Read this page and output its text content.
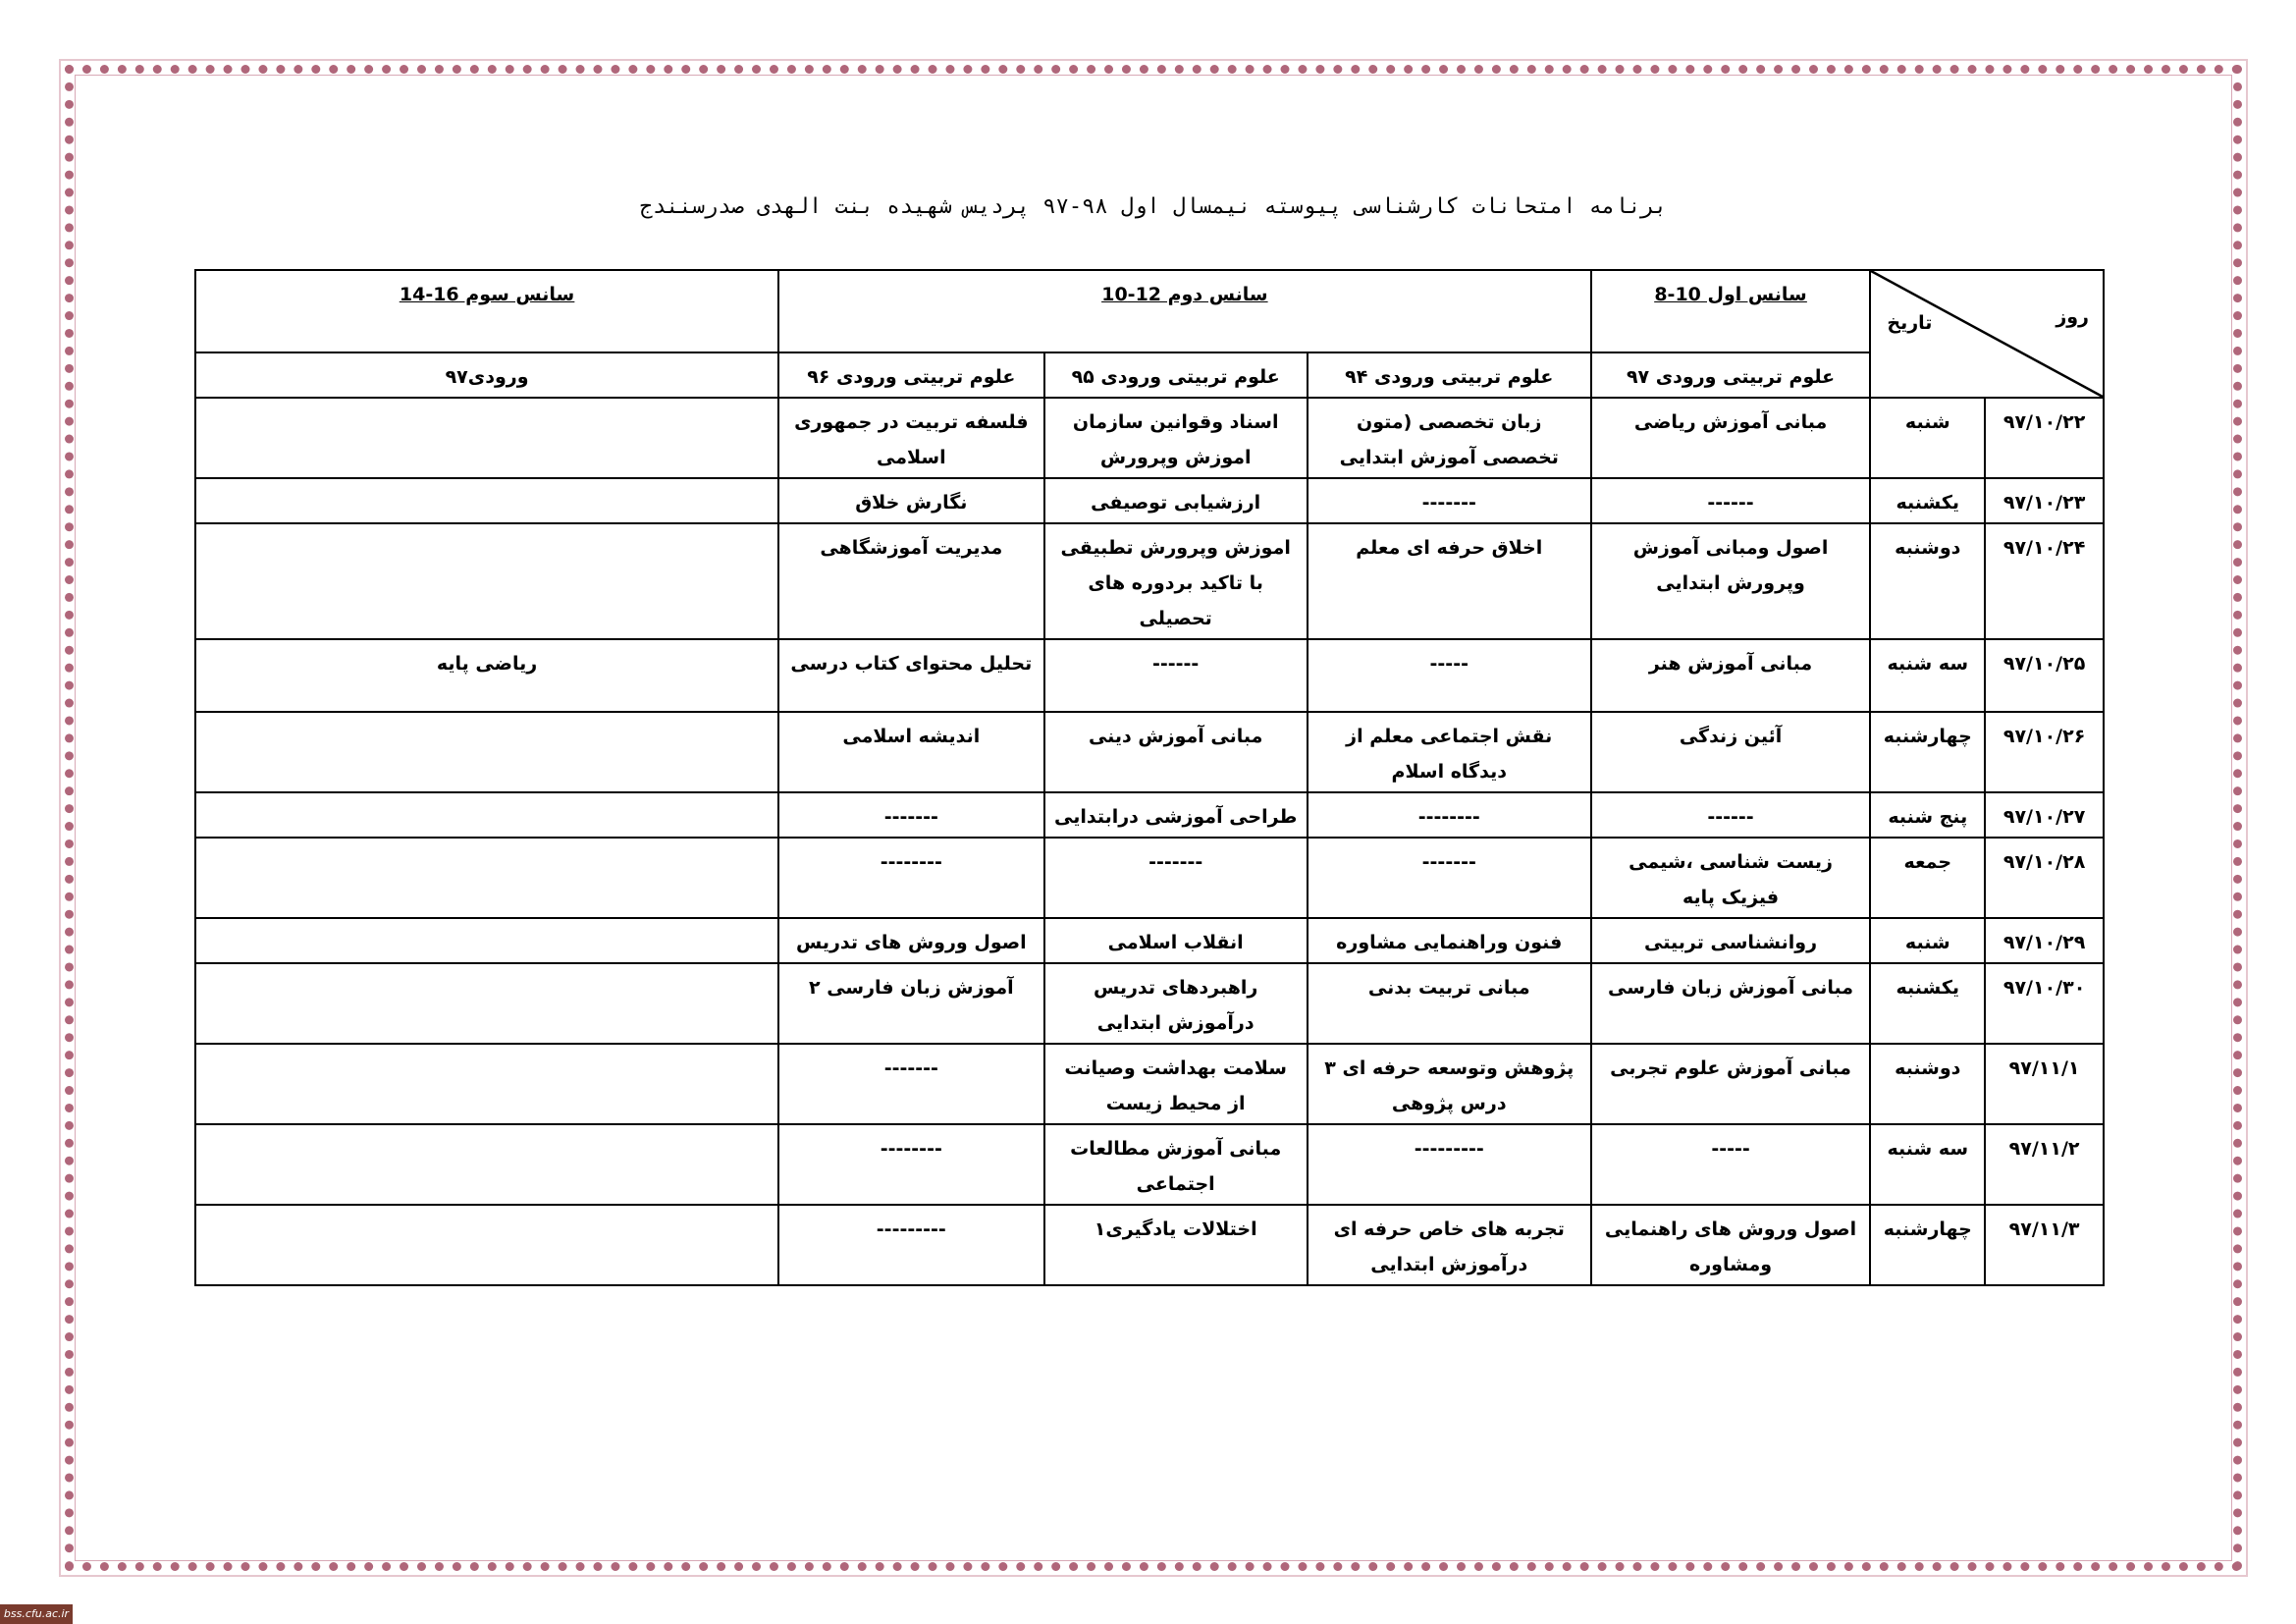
برنامه امتحانات کارشناسی پیوسته نیمسال اول ۹۸-۹۷ پردیس شهیده بنت الهدی صدرسنندج
روز
تاریخ		سانس اول 10-8	سانس دوم 12-10			سانس سوم 16-14
		علوم تربیتی ورودی ۹۷	علوم تربیتی ورودی ۹۴	علوم تربیتی ورودی ۹۵	علوم تربیتی ورودی ۹۶	ورودی۹۷
۹۷/۱۰/۲۲	شنبه	مبانی آموزش ریاضی	زبان تخصصی (متون تخصصی آموزش ابتدایی	اسناد وقوانین سازمان اموزش وپرورش	فلسفه تربیت در جمهوری اسلامی	
۹۷/۱۰/۲۳	یکشنبه	------	-------	ارزشیابی توصیفی	نگارش خلاق	
۹۷/۱۰/۲۴	دوشنبه	اصول ومبانی آموزش وپرورش ابتدایی	اخلاق حرفه ای معلم	اموزش وپرورش تطبیقی با تاکید بردوره های تحصیلی	مدیریت آموزشگاهی	
۹۷/۱۰/۲۵	سه شنبه	مبانی آموزش هنر	-----	------	تحلیل محتوای کتاب درسی	ریاضی پایه
۹۷/۱۰/۲۶	چهارشنبه	آئین زندگی	نقش اجتماعی معلم از دیدگاه اسلام	مبانی آموزش دینی	اندیشه اسلامی	
۹۷/۱۰/۲۷	پنج شنبه	------	--------	طراحی آموزشی درابتدایی	-------	
۹۷/۱۰/۲۸	جمعه	زیست شناسی ،شیمی فیزیک پایه	-------	-------	--------	
۹۷/۱۰/۲۹	شنبه	روانشناسی تربیتی	فنون وراهنمایی مشاوره	انقلاب اسلامی	اصول وروش های تدریس	
۹۷/۱۰/۳۰	یکشنبه	مبانی آموزش زبان فارسی	مبانی تربیت بدنی	راهبردهای تدریس درآموزش ابتدایی	آموزش زبان فارسی ۲	
۹۷/۱۱/۱	دوشنبه	مبانی آموزش علوم تجربی	پژوهش وتوسعه حرفه ای ۳ درس پژوهی	سلامت بهداشت وصیانت از محیط زیست	-------	
۹۷/۱۱/۲	سه شنبه	-----	---------	مبانی آموزش مطالعات اجتماعی	--------	
۹۷/۱۱/۳	چهارشنبه	اصول وروش های راهنمایی ومشاوره	تجربه های خاص حرفه ای درآموزش ابتدایی	اختلالات یادگیری۱	---------	
bss.cfu.ac.ir
